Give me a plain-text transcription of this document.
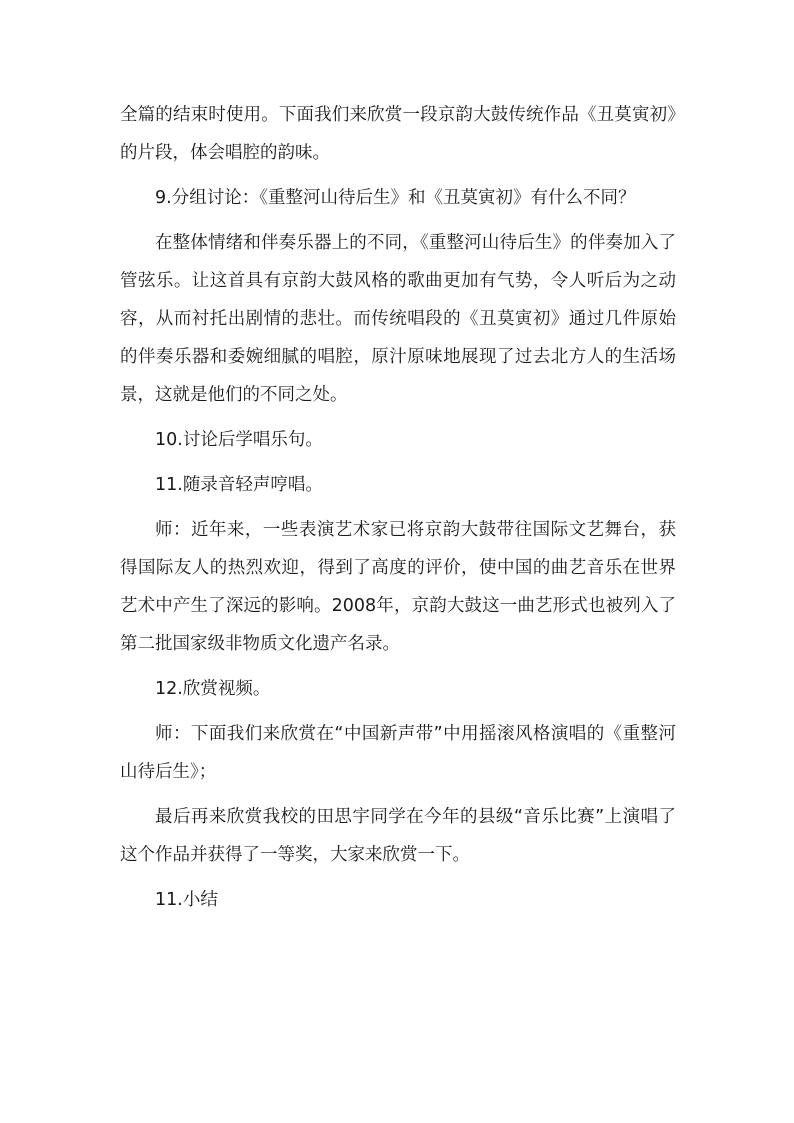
全篇的结束时使用。下面我们来欣赏一段京韵大鼓传统作品《丑莫寅初》的片段，体会唱腔的韵味。

9.分组讨论：《重整河山待后生》和《丑莫寅初》有什么不同？

在整体情绪和伴奏乐器上的不同，《重整河山待后生》的伴奏加入了管弦乐。让这首具有京韵大鼓风格的歌曲更加有气势，令人听后为之动容，从而衬托出剧情的悲壮。而传统唱段的《丑莫寅初》通过几件原始的伴奏乐器和委婉细腻的唱腔，原汁原味地展现了过去北方人的生活场景，这就是他们的不同之处。

10.讨论后学唱乐句。

11.随录音轻声哼唱。

师：近年来，一些表演艺术家已将京韵大鼓带往国际文艺舞台，获得国际友人的热烈欢迎，得到了高度的评价，使中国的曲艺音乐在世界艺术中产生了深远的影响。2008年，京韵大鼓这一曲艺形式也被列入了第二批国家级非物质文化遗产名录。

12.欣赏视频。

师：下面我们来欣赏在“中国新声带”中用摇滚风格演唱的《重整河山待后生》；

最后再来欣赏我校的田思宇同学在今年的县级“音乐比赛”上演唱了这个作品并获得了一等奖，大家来欣赏一下。

11.小结
